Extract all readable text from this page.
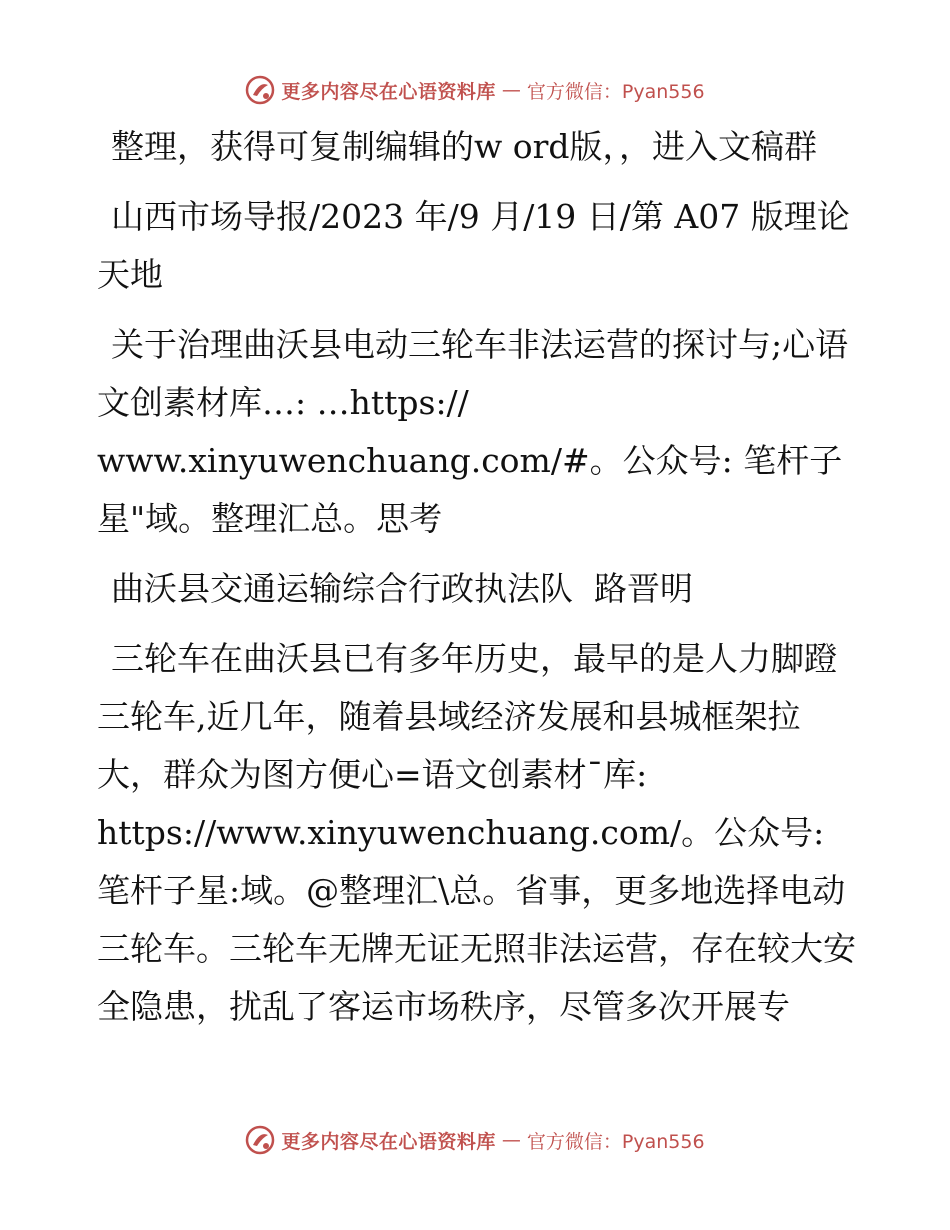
更多内容尽在心语资料库 — 官方微信：Pyan556

整理，获得可复制编辑的w ord版，，进入文稿群

山西市场导报/2023 年/9 月/19 日/第 A07 版理论天地

关于治理曲沃县电动三轮车非法运营的探讨与;心语文创素材库…: …https://
www.xinyuwenchuang.com/#。公众号: 笔杆子星"域。整理汇总。思考

曲沃县交通运输综合行政执法队  路晋明

三轮车在曲沃县已有多年历史，最早的是人力脚蹬三轮车,近几年，随着县域经济发展和县城框架拉大，群众为图方便心=语文创素材¯库:
https://www.xinyuwenchuang.com/。公众号: 笔杆子星:域。@整理汇\总。省事，更多地选择电动三轮车。三轮车无牌无证无照非法运营，存在较大安全隐患，扰乱了客运市场秩序，尽管多次开展专

更多内容尽在心语资料库 — 官方微信：Pyan556
